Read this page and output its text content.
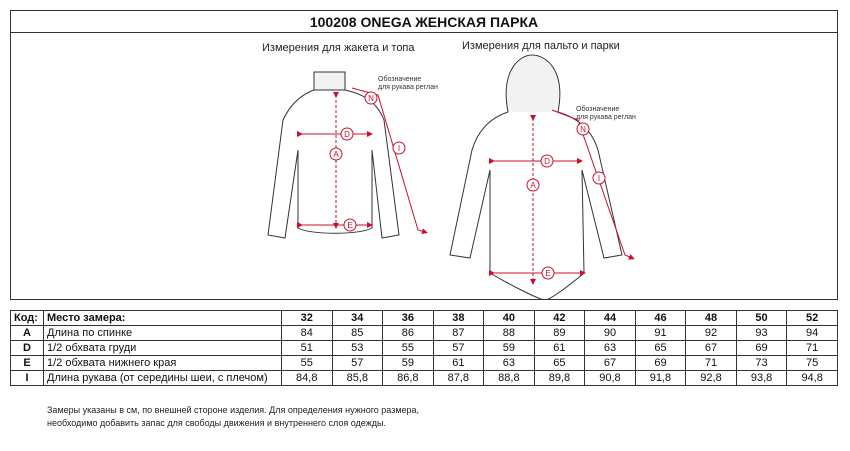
100208 ONEGA ЖЕНСКАЯ ПАРКА
Измерения для жакета и топа	Измерения для пальто и парки
Обозначение
для рукава реглан
Обозначение
для рукава реглан
D
A
E
N
I
D
A
E
N
I
Код:	Место замера:	32	34	36	38	40	42	44	46	48	50	52
A	Длина по спинке	84	85	86	87	88	89	90	91	92	93	94
D	1/2 обхвата груди	51	53	55	57	59	61	63	65	67	69	71
E	1/2 обхвата нижнего края	55	57	59	61	63	65	67	69	71	73	75
I	Длина рукава (от середины шеи, с плечом)	84,8	85,8	86,8	87,8	88,8	89,8	90,8	91,8	92,8	93,8	94,8
Замеры указаны в см, по внешней стороне изделия. Для определения нужного размера,
необходимо добавить запас для свободы движения и внутреннего слоя одежды.
